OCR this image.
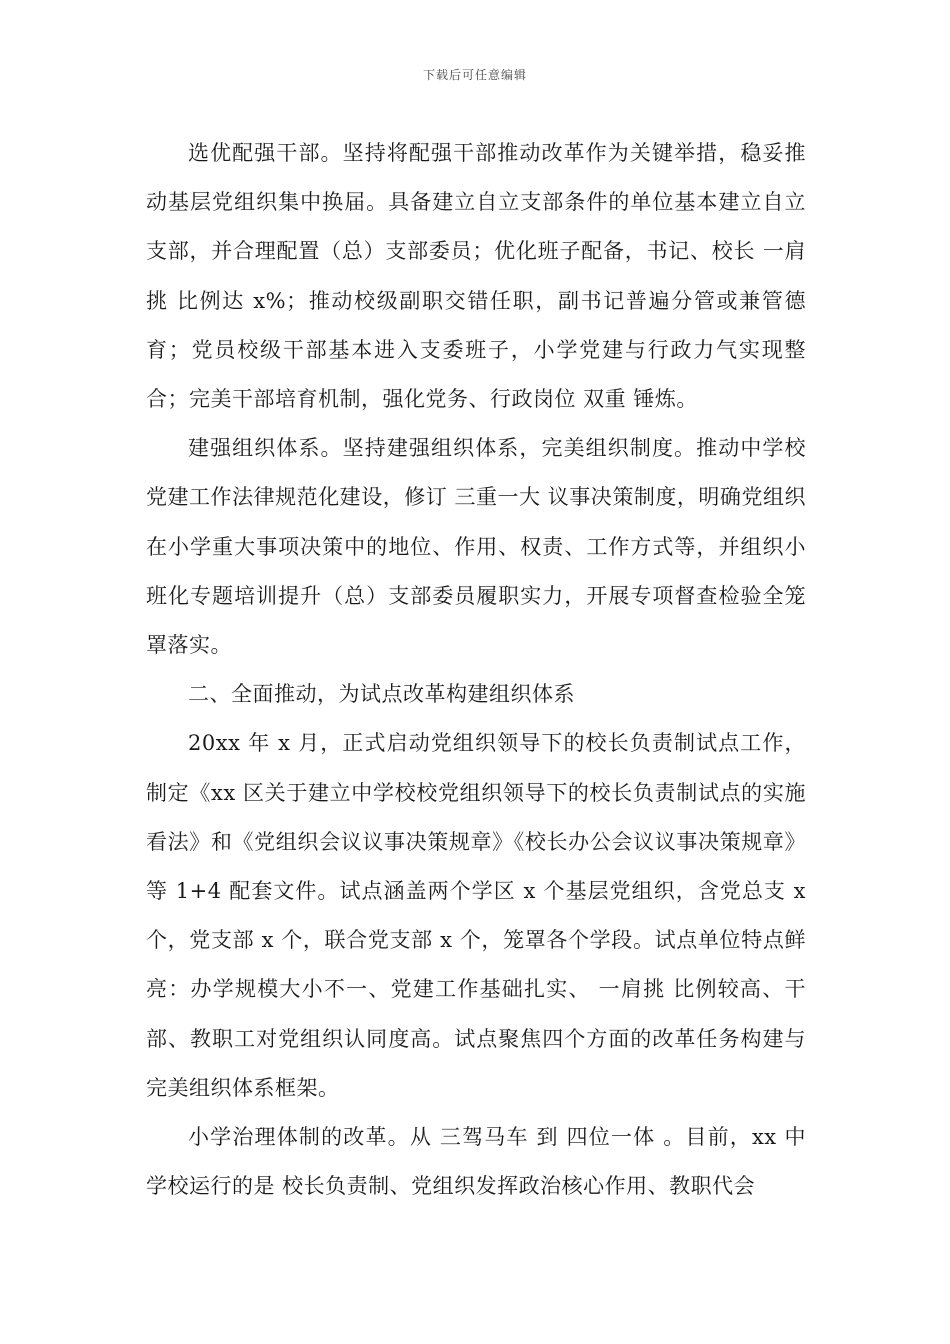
下载后可任意编辑

选优配强干部。坚持将配强干部推动改革作为关键举措，稳妥推动基层党组织集中换届。具备建立自立支部条件的单位基本建立自立支部，并合理配置（总）支部委员；优化班子配备，书记、校长 一肩挑 比例达 x%；推动校级副职交错任职，副书记普遍分管或兼管德育；党员校级干部基本进入支委班子，小学党建与行政力气实现整合；完美干部培育机制，强化党务、行政岗位 双重 锤炼。

建强组织体系。坚持建强组织体系，完美组织制度。推动中学校党建工作法律规范化建设，修订 三重一大 议事决策制度，明确党组织在小学重大事项决策中的地位、作用、权责、工作方式等，并组织小班化专题培训提升（总）支部委员履职实力，开展专项督查检验全笼罩落实。

二、全面推动，为试点改革构建组织体系

20xx 年 x 月，正式启动党组织领导下的校长负责制试点工作，制定《xx 区关于建立中学校校党组织领导下的校长负责制试点的实施看法》和《党组织会议议事决策规章》《校长办公会议议事决策规章》等 1+4 配套文件。试点涵盖两个学区 x 个基层党组织，含党总支 x 个，党支部 x 个，联合党支部 x 个，笼罩各个学段。试点单位特点鲜亮：办学规模大小不一、党建工作基础扎实、 一肩挑 比例较高、干部、教职工对党组织认同度高。试点聚焦四个方面的改革任务构建与完美组织体系框架。

小学治理体制的改革。从 三驾马车 到 四位一体 。目前，xx 中学校运行的是 校长负责制、党组织发挥政治核心作用、教职代会
